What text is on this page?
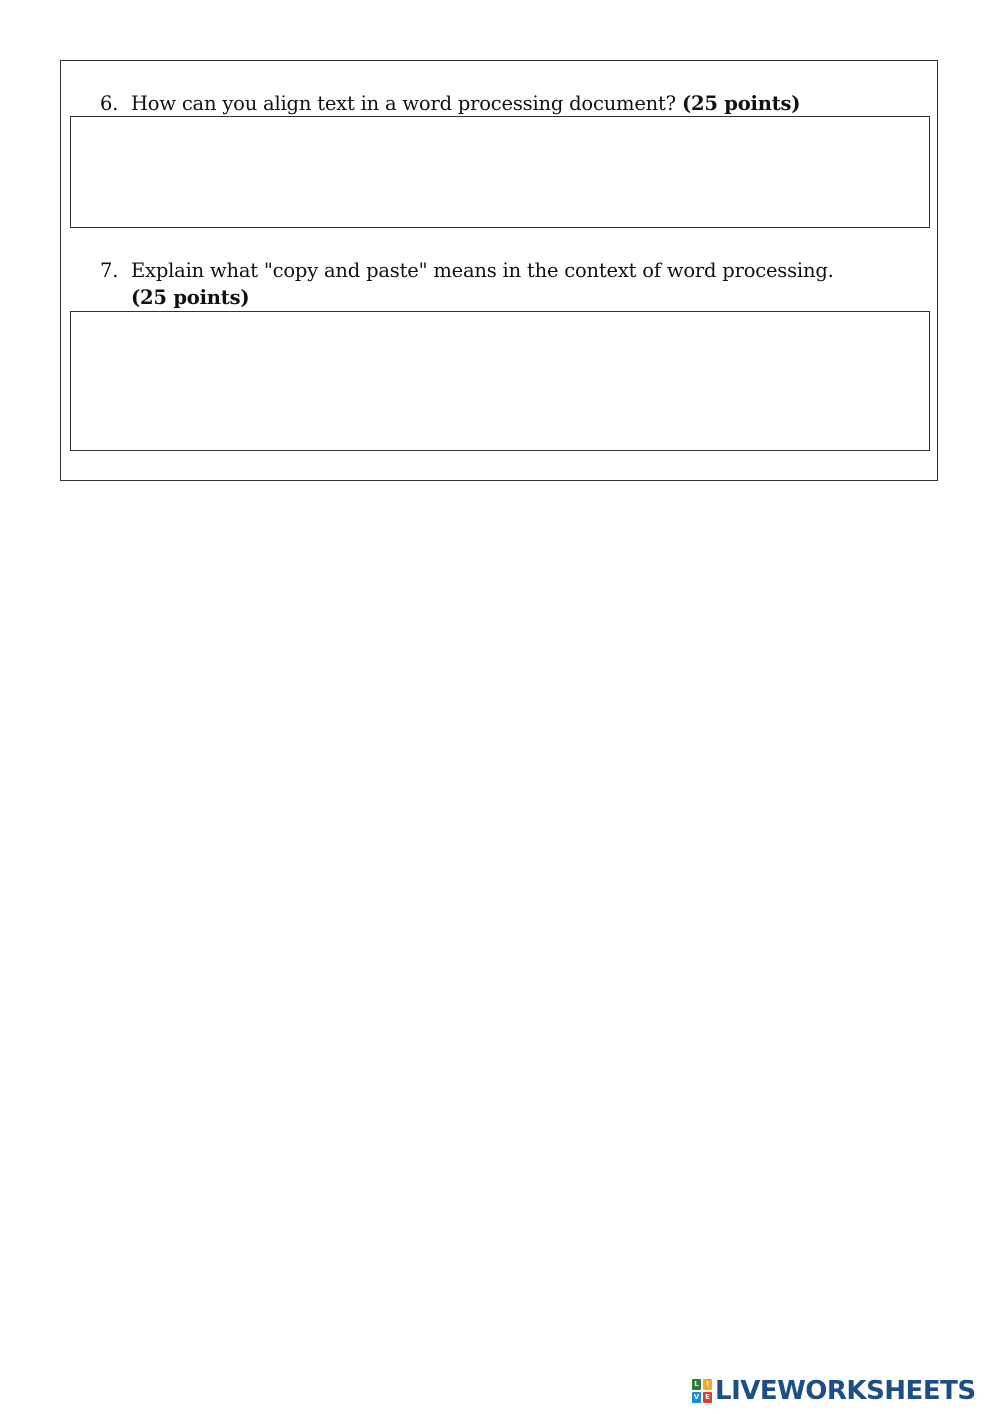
6. How can you align text in a word processing document? (25 points)
7. Explain what "copy and paste" means in the context of word processing.
(25 points)
L	I
V E LIVEWORKSHEETS
